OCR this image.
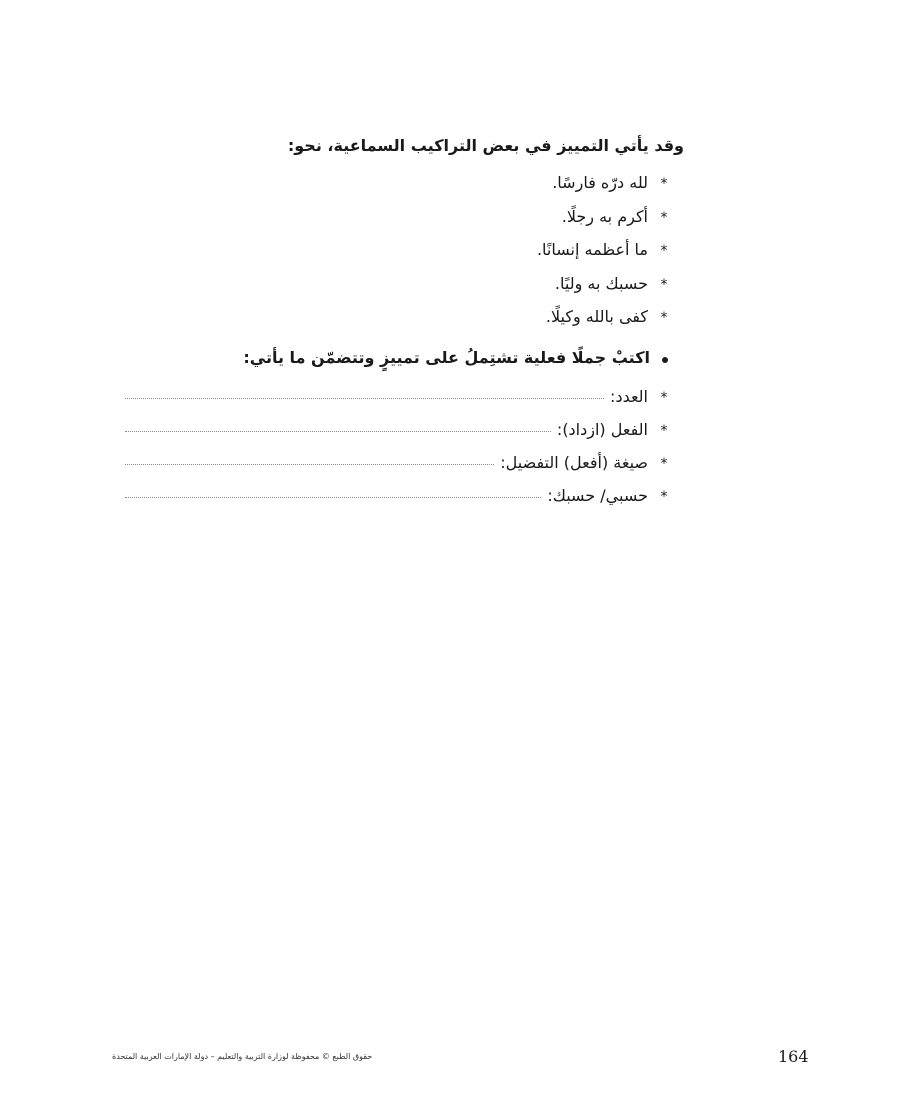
وقد يأتي التمييز في بعض التراكيب السماعية، نحو:
*لله درّه فارسًا.
*أكرم به رجلًا.
*ما أعظمه إنسانًا.
*حسبك به وليًا.
*كفى بالله وكيلًا.
اكتبْ جملًا فعلية تشتِملُ على تمييزٍ وتتضمّن ما يأتي:
*
العدد:
*
الفعل (ازداد):
*
صيغة (أفعل) التفضيل:
*
حسبي/ حسبك:
حقوق الطبع © محفوظة لوزارة التربية والتعليم – دولة الإمارات العربية المتحدة	164
